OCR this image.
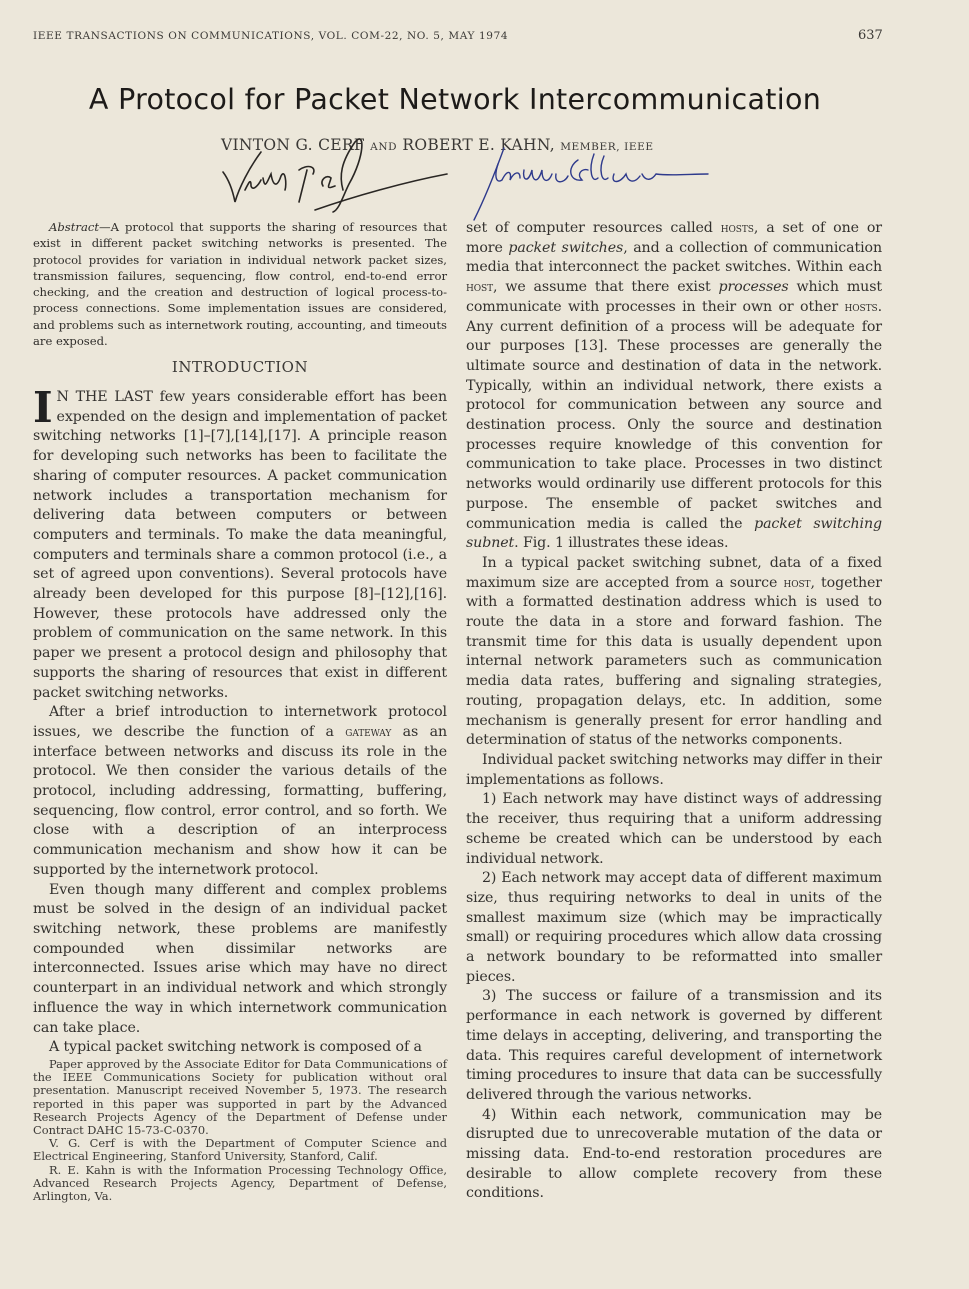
IEEE TRANSACTIONS ON COMMUNICATIONS, VOL. COM-22, NO. 5, MAY 1974	637
A Protocol for Packet Network Intercommunication
VINTON G. CERF AND ROBERT E. KAHN, MEMBER, IEEE

Abstract—A protocol that supports the sharing of resources that exist in different packet switching networks is presented. The protocol provides for variation in individual network packet sizes, transmission failures, sequencing, flow control, end-to-end error checking, and the creation and destruction of logical process-to-process connections. Some implementation issues are considered, and problems such as internetwork routing, accounting, and timeouts are exposed.

INTRODUCTION

I N THE LAST few years considerable effort has been expended on the design and implementation of packet switching networks [1]–[7],[14],[17]. A principle reason for developing such networks has been to facilitate the sharing of computer resources. A packet communication network includes a transportation mechanism for delivering data between computers or between computers and terminals. To make the data meaningful, computers and terminals share a common protocol (i.e., a set of agreed upon conventions). Several protocols have already been developed for this purpose [8]–[12],[16]. However, these protocols have addressed only the problem of communication on the same network. In this paper we present a protocol design and philosophy that supports the sharing of resources that exist in different packet switching networks.

After a brief introduction to internetwork protocol issues, we describe the function of a gateway as an interface between networks and discuss its role in the protocol. We then consider the various details of the protocol, including addressing, formatting, buffering, sequencing, flow control, error control, and so forth. We close with a description of an interprocess communication mechanism and show how it can be supported by the internetwork protocol.

Even though many different and complex problems must be solved in the design of an individual packet switching network, these problems are manifestly compounded when dissimilar networks are interconnected. Issues arise which may have no direct counterpart in an individual network and which strongly influence the way in which internetwork communication can take place.

A typical packet switching network is composed of a

Paper approved by the Associate Editor for Data Communications of the IEEE Communications Society for publication without oral presentation. Manuscript received November 5, 1973. The research reported in this paper was supported in part by the Advanced Research Projects Agency of the Department of Defense under Contract DAHC 15-73-C-0370.

V. G. Cerf is with the Department of Computer Science and Electrical Engineering, Stanford University, Stanford, Calif.

R. E. Kahn is with the Information Processing Technology Office, Advanced Research Projects Agency, Department of Defense, Arlington, Va.

set of computer resources called hosts, a set of one or more packet switches, and a collection of communication media that interconnect the packet switches. Within each host, we assume that there exist processes which must communicate with processes in their own or other hosts. Any current definition of a process will be adequate for our purposes [13]. These processes are generally the ultimate source and destination of data in the network. Typically, within an individual network, there exists a protocol for communication between any source and destination process. Only the source and destination processes require knowledge of this convention for communication to take place. Processes in two distinct networks would ordinarily use different protocols for this purpose. The ensemble of packet switches and communication media is called the packet switching subnet. Fig. 1 illustrates these ideas.

In a typical packet switching subnet, data of a fixed maximum size are accepted from a source host, together with a formatted destination address which is used to route the data in a store and forward fashion. The transmit time for this data is usually dependent upon internal network parameters such as communication media data rates, buffering and signaling strategies, routing, propagation delays, etc. In addition, some mechanism is generally present for error handling and determination of status of the networks components.

Individual packet switching networks may differ in their implementations as follows.

1) Each network may have distinct ways of addressing the receiver, thus requiring that a uniform addressing scheme be created which can be understood by each individual network.

2) Each network may accept data of different maximum size, thus requiring networks to deal in units of the smallest maximum size (which may be impractically small) or requiring procedures which allow data crossing a network boundary to be reformatted into smaller pieces.

3) The success or failure of a transmission and its performance in each network is governed by different time delays in accepting, delivering, and transporting the data. This requires careful development of internetwork timing procedures to insure that data can be successfully delivered through the various networks.

4) Within each network, communication may be disrupted due to unrecoverable mutation of the data or missing data. End-to-end restoration procedures are desirable to allow complete recovery from these conditions.
